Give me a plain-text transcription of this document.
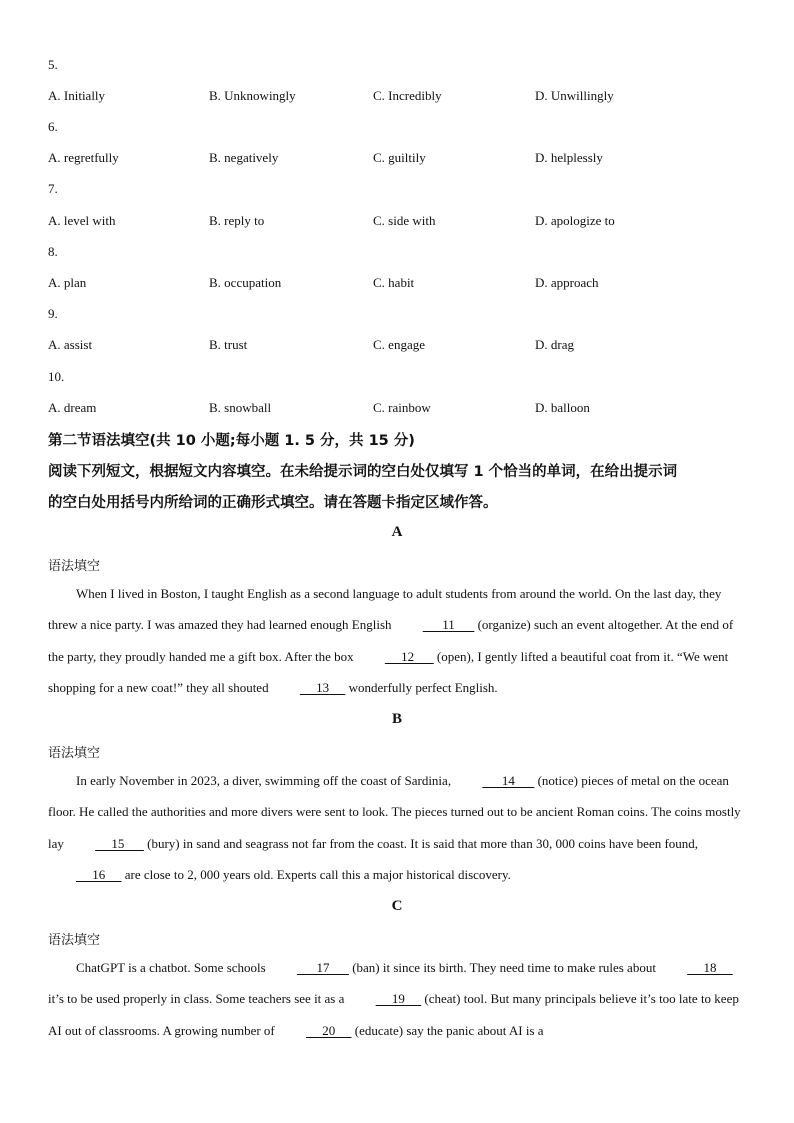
5.
A. Initially	B. Unknowingly	C. Incredibly	D. Unwillingly
6.
A. regretfully	B. negatively	C. guiltily	D. helplessly
7.
A. level with	B. reply to	C. side with	D. apologize to
8.
A. plan	B. occupation	C. habit	D. approach
9.
A. assist	B. trust	C. engage	D. drag
10.
A. dream	B. snowball	C. rainbow	D. balloon
第二节语法填空(共 10 小题;每小题 1. 5 分，共 15 分)
阅读下列短文，根据短文内容填空。在未给提示词的空白处仅填写 1 个恰当的单词，在给出提示词
的空白处用括号内所给词的正确形式填空。请在答题卡指定区域作答。
A
语法填空
When I lived in Boston, I taught English as a second language to adult students from around the world. On the last day, they threw a nice party. I was amazed they had learned enough English       11       (organize) such an event altogether. At the end of the party, they proudly handed me a gift box. After the box      12       (open), I gently lifted a beautiful coat from it. “We went shopping for a new coat!” they all shouted      13      wonderfully perfect English.
B
语法填空
In early November in 2023, a diver, swimming off the coast of Sardinia,       14       (notice) pieces of metal on the ocean floor. He called the authorities and more divers were sent to look. The pieces turned out to be ancient Roman coins. The coins mostly lay      15       (bury) in sand and seagrass not far from the coast. It is said that more than 30, 000 coins have been found,      16      are close to 2, 000 years old. Experts call this a major historical discovery.
C
语法填空
ChatGPT is a chatbot. Some schools       17       (ban) it since its birth. They need time to make rules about      18      it’s to be used properly in class. Some teachers see it as a      19      (cheat) tool. But many principals believe it’s too late to keep AI out of classrooms. A growing number of      20      (educate) say the panic about AI is a
